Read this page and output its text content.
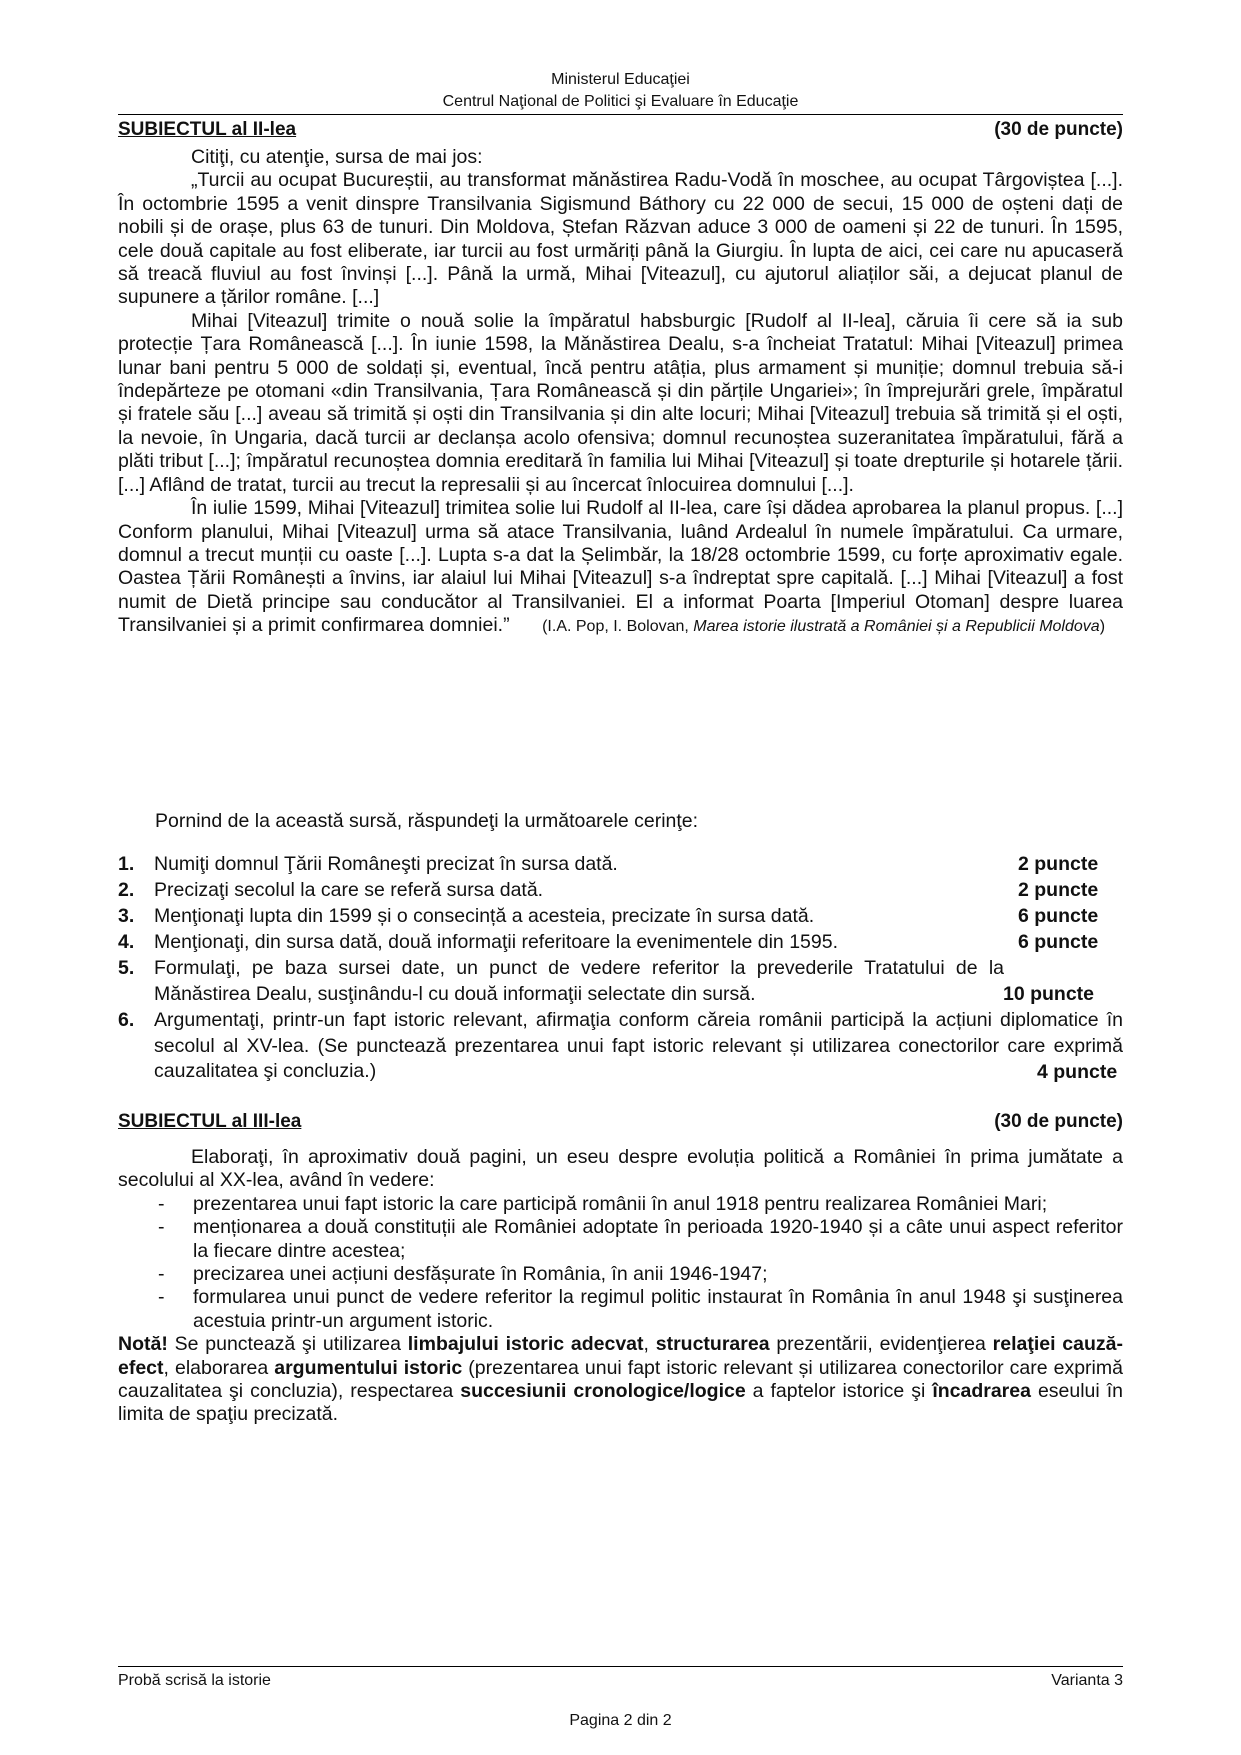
Ministerul Educaţiei
Centrul Naţional de Politici şi Evaluare în Educaţie
SUBIECTUL al II-lea	(30 de puncte)

Citiţi, cu atenţie, sursa de mai jos:

„Turcii au ocupat Bucureștii, au transformat mănăstirea Radu-Vodă în moschee, au ocupat Târgoviștea [...]. În octombrie 1595 a venit dinspre Transilvania Sigismund Báthory cu 22 000 de secui, 15 000 de oșteni dați de nobili și de orașe, plus 63 de tunuri. Din Moldova, Ștefan Răzvan aduce 3 000 de oameni și 22 de tunuri. În 1595, cele două capitale au fost eliberate, iar turcii au fost urmăriți până la Giurgiu. În lupta de aici, cei care nu apucaseră să treacă fluviul au fost învinși [...]. Până la urmă, Mihai [Viteazul], cu ajutorul aliaților săi, a dejucat planul de supunere a țărilor române. [...]

Mihai [Viteazul] trimite o nouă solie la împăratul habsburgic [Rudolf al II-lea], căruia îi cere să ia sub protecție Țara Românească [...]. În iunie 1598, la Mănăstirea Dealu, s-a încheiat Tratatul: Mihai [Viteazul] primea lunar bani pentru 5 000 de soldați și, eventual, încă pentru atâția, plus armament și muniție; domnul trebuia să-i îndepărteze pe otomani «din Transilvania, Țara Românească și din părțile Ungariei»; în împrejurări grele, împăratul și fratele său [...] aveau să trimită și oști din Transilvania și din alte locuri; Mihai [Viteazul] trebuia să trimită și el oști, la nevoie, în Ungaria, dacă turcii ar declanșa acolo ofensiva; domnul recunoștea suzeranitatea împăratului, fără a plăti tribut [...]; împăratul recunoștea domnia ereditară în familia lui Mihai [Viteazul] și toate drepturile și hotarele țării. [...] Aflând de tratat, turcii au trecut la represalii și au încercat înlocuirea domnului [...].

În iulie 1599, Mihai [Viteazul] trimitea solie lui Rudolf al II-lea, care își dădea aprobarea la planul propus. [...] Conform planului, Mihai [Viteazul] urma să atace Transilvania, luând Ardealul în numele împăratului. Ca urmare, domnul a trecut munții cu oaste [...]. Lupta s-a dat la Șelimbăr, la 18/28 octombrie 1599, cu forțe aproximativ egale. Oastea Țării Românești a învins, iar alaiul lui Mihai [Viteazul] s-a îndreptat spre capitală. [...] Mihai [Viteazul] a fost numit de Dietă principe sau conducător al Transilvaniei. El a informat Poarta [Imperiul Otoman] despre luarea Transilvaniei și a primit confirmarea domniei.” (I.A. Pop, I. Bolovan, Marea istorie ilustrată a României și a Republicii Moldova)

Pornind de la această sursă, răspundeţi la următoarele cerinţe:
1. Numiţi domnul Ţării Româneşti precizat în sursa dată.	2 puncte
2. Precizaţi secolul la care se referă sursa dată.	2 puncte
3. Menţionaţi lupta din 1599 și o consecință a acesteia, precizate în sursa dată.	6 puncte
4. Menţionaţi, din sursa dată, două informaţii referitoare la evenimentele din 1595.	6 puncte
5. Formulaţi, pe baza sursei date, un punct de vedere referitor la prevederile Tratatului de la Mănăstirea Dealu, susţinându-l cu două informaţii selectate din sursă.	10 puncte
6. Argumentaţi, printr-un fapt istoric relevant, afirmaţia conform căreia românii participă la acțiuni diplomatice în secolul al XV-lea. (Se punctează prezentarea unui fapt istoric relevant și utilizarea conectorilor care exprimă cauzalitatea şi concluzia.)	4 puncte
SUBIECTUL al III-lea	(30 de puncte)

Elaboraţi, în aproximativ două pagini, un eseu despre evoluția politică a României în prima jumătate a secolului al XX-lea, având în vedere:

- prezentarea unui fapt istoric la care participă românii în anul 1918 pentru realizarea României Mari;

- menționarea a două constituții ale României adoptate în perioada 1920-1940 și a câte unui aspect referitor la fiecare dintre acestea;

- precizarea unei acțiuni desfășurate în România, în anii 1946-1947;

- formularea unui punct de vedere referitor la regimul politic instaurat în România în anul 1948 şi susţinerea acestuia printr-un argument istoric.

Notă! Se punctează şi utilizarea limbajului istoric adecvat, structurarea prezentării, evidenţierea relaţiei cauză-efect, elaborarea argumentului istoric (prezentarea unui fapt istoric relevant și utilizarea conectorilor care exprimă cauzalitatea şi concluzia), respectarea succesiunii cronologice/logice a faptelor istorice şi încadrarea eseului în limita de spaţiu precizată.

Probă scrisă la istorie	Varianta 3
Pagina 2 din 2
